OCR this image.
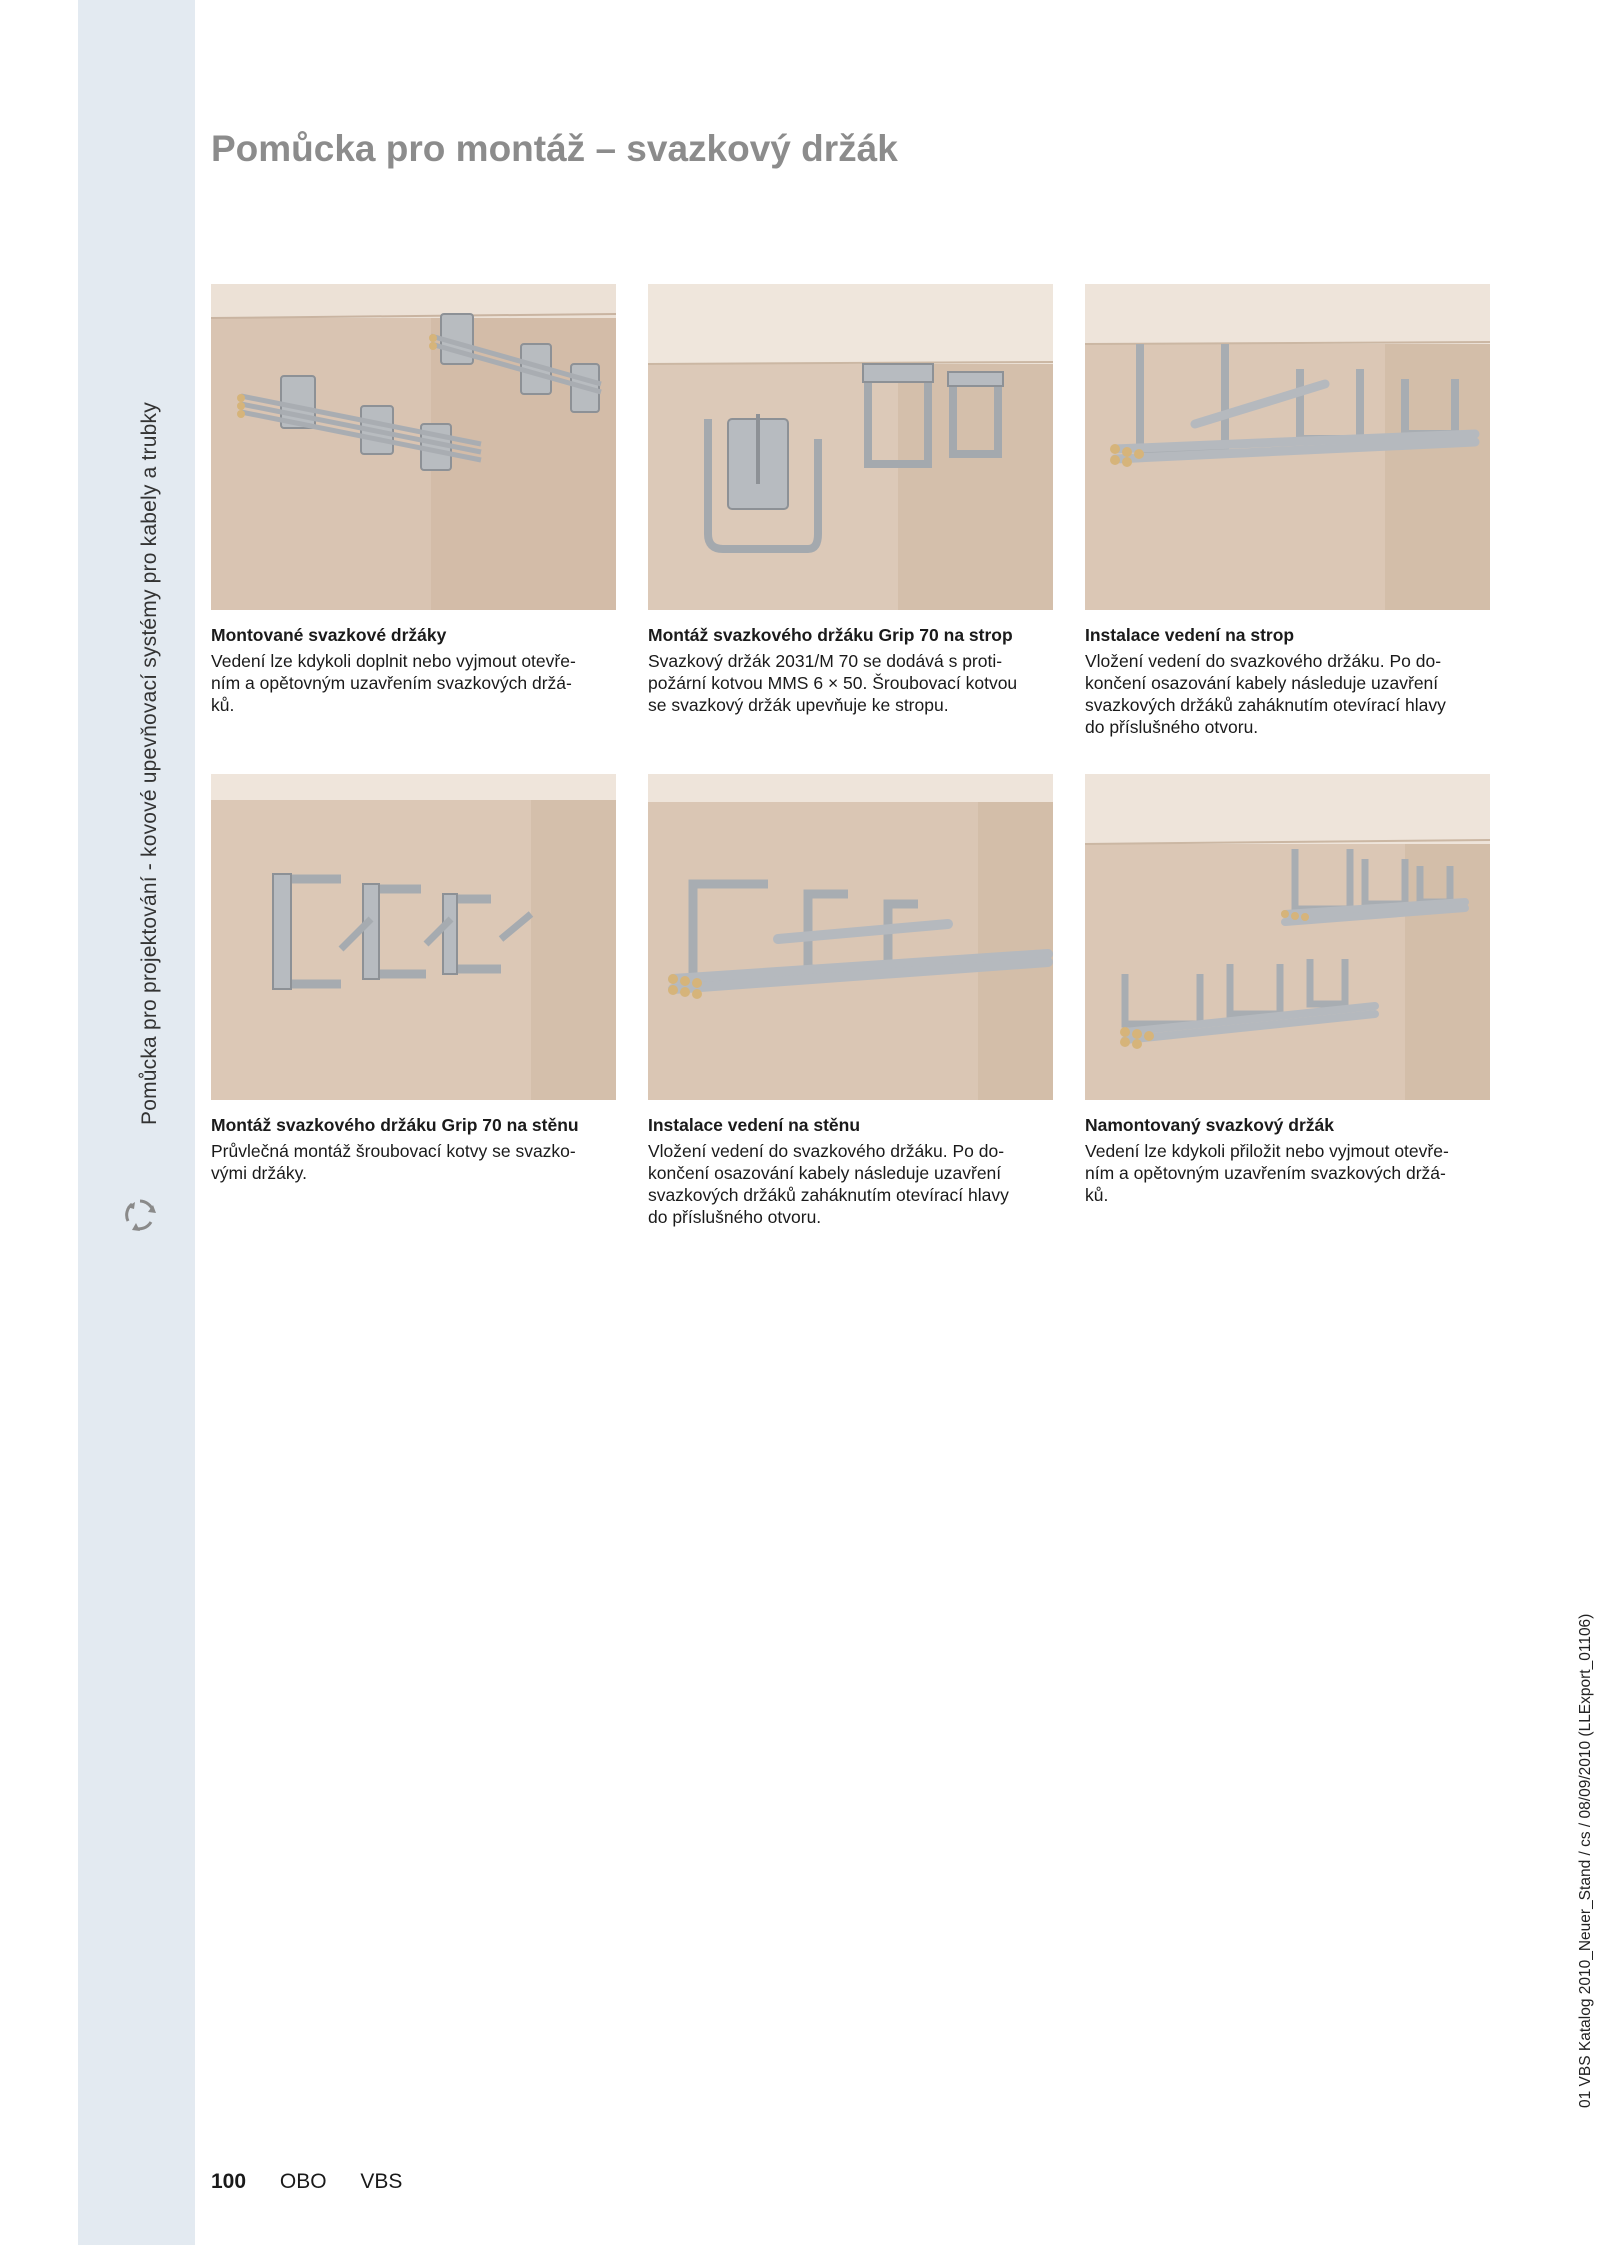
Pomůcka pro projektování - kovové upevňovací systémy pro kabely a trubky
Pomůcka pro montáž – svazkový držák
Montované svazkové držáky

Vedení lze kdykoli doplnit nebo vyjmout otevře-
ním a opětovným uzavřením svazkových držá-
ků.

Montáž svazkového držáku Grip 70 na strop

Svazkový držák 2031/M 70 se dodává s proti-
požární kotvou MMS 6 × 50. Šroubovací kotvou
se svazkový držák upevňuje ke stropu.

Instalace vedení na strop

Vložení vedení do svazkového držáku. Po do-
končení osazování kabely následuje uzavření
svazkových držáků zaháknutím otevírací hlavy
do příslušného otvoru.

Montáž svazkového držáku Grip 70 na stěnu

Průvlečná montáž šroubovací kotvy se svazko-
vými držáky.

Instalace vedení na stěnu

Vložení vedení do svazkového držáku. Po do-
končení osazování kabely následuje uzavření
svazkových držáků zaháknutím otevírací hlavy
do příslušného otvoru.

Namontovaný svazkový držák

Vedení lze kdykoli přiložit nebo vyjmout otevře-
ním a opětovným uzavřením svazkových držá-
ků.

100 OBO VBS
01 VBS Katalog 2010_Neuer_Stand / cs / 08/09/2010 (LLExport_01106)
